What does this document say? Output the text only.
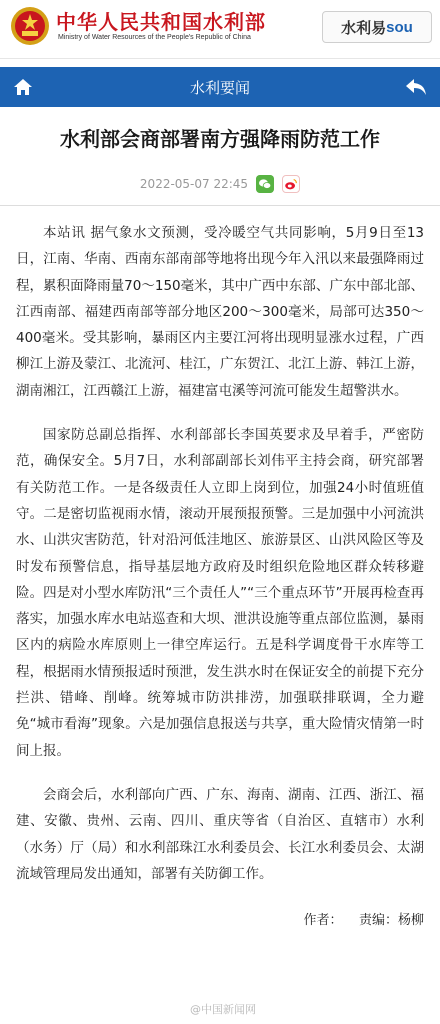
中华人民共和国水利部
Ministry of Water Resources of the People's Republic of China
水利易 sou
水利要闻
水利部会商部署南方强降雨防范工作
2022-05-07 22:45

本站讯 据气象水文预测，受冷暖空气共同影响，5月9日至13日，江南、华南、西南东部南部等地将出现今年入汛以来最强降雨过程，累积面降雨量70～150毫米，其中广西中东部、广东中部北部、江西南部、福建西南部等部分地区200～300毫米，局部可达350～400毫米。受其影响，暴雨区内主要江河将出现明显涨水过程，广西柳江上游及蒙江、北流河、桂江，广东贺江、北江上游、韩江上游，湖南湘江，江西赣江上游，福建富屯溪等河流可能发生超警洪水。

国家防总副总指挥、水利部部长李国英要求及早着手，严密防范，确保安全。5月7日，水利部副部长刘伟平主持会商，研究部署有关防范工作。一是各级责任人立即上岗到位，加强24小时值班值守。二是密切监视雨水情，滚动开展预报预警。三是加强中小河流洪水、山洪灾害防范，针对沿河低洼地区、旅游景区、山洪风险区等及时发布预警信息，指导基层地方政府及时组织危险地区群众转移避险。四是对小型水库防汛“三个责任人”“三个重点环节”开展再检查再落实，加强水库水电站巡查和大坝、泄洪设施等重点部位监测，暴雨区内的病险水库原则上一律空库运行。五是科学调度骨干水库等工程，根据雨水情预报适时预泄，发生洪水时在保证安全的前提下充分拦洪、错峰、削峰。统筹城市防洪排涝，加强联排联调，全力避免“城市看海”现象。六是加强信息报送与共享，重大险情灾情第一时间上报。

会商会后，水利部向广西、广东、海南、湖南、江西、浙江、福建、安徽、贵州、云南、四川、重庆等省（自治区、直辖市）水利（水务）厅（局）和水利部珠江水利委员会、长江水利委员会、太湖流域管理局发出通知，部署有关防御工作。

作者：    责编：杨柳
@中国新闻网
